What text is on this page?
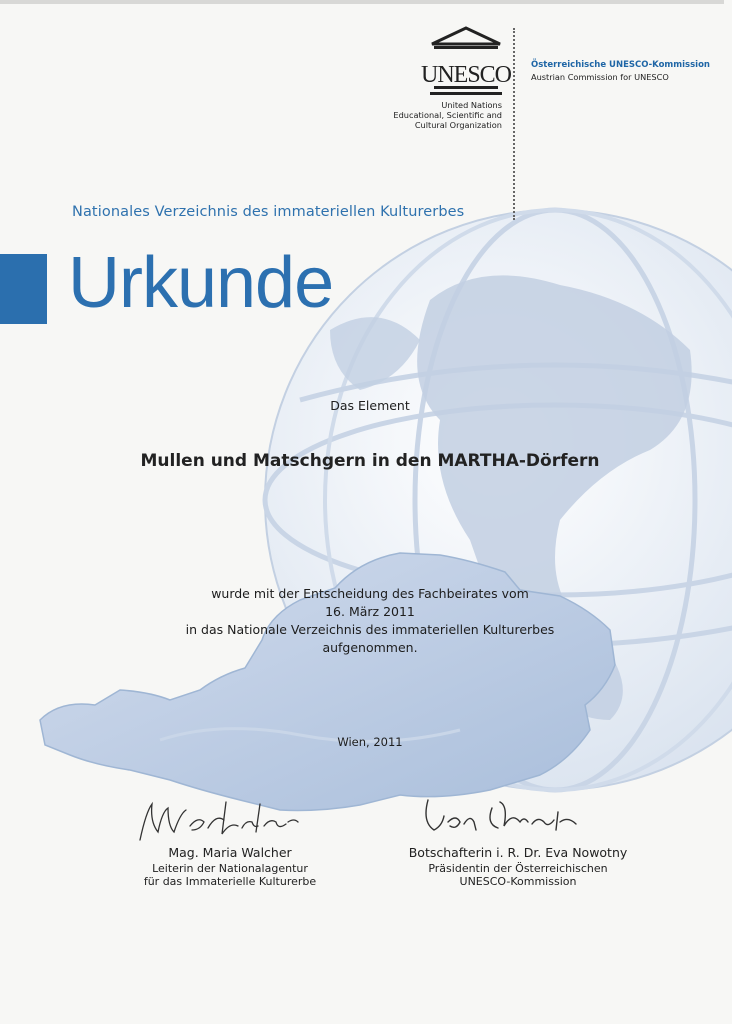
UNESCO
United Nations
Educational, Scientific and
Cultural Organization
Österreichische UNESCO-Kommission
Austrian Commission for UNESCO
Nationales Verzeichnis des immateriellen Kulturerbes
Urkunde
Das Element
Mullen und Matschgern in den MARTHA-Dörfern
wurde mit der Entscheidung des Fachbeirates vom
16. März 2011
in das Nationale Verzeichnis des immateriellen Kulturerbes
aufgenommen.
Wien, 2011
Mag. Maria Walcher
Leiterin der Nationalagentur
für das Immaterielle Kulturerbe
Botschafterin i. R. Dr. Eva Nowotny
Präsidentin der Österreichischen
UNESCO-Kommission
